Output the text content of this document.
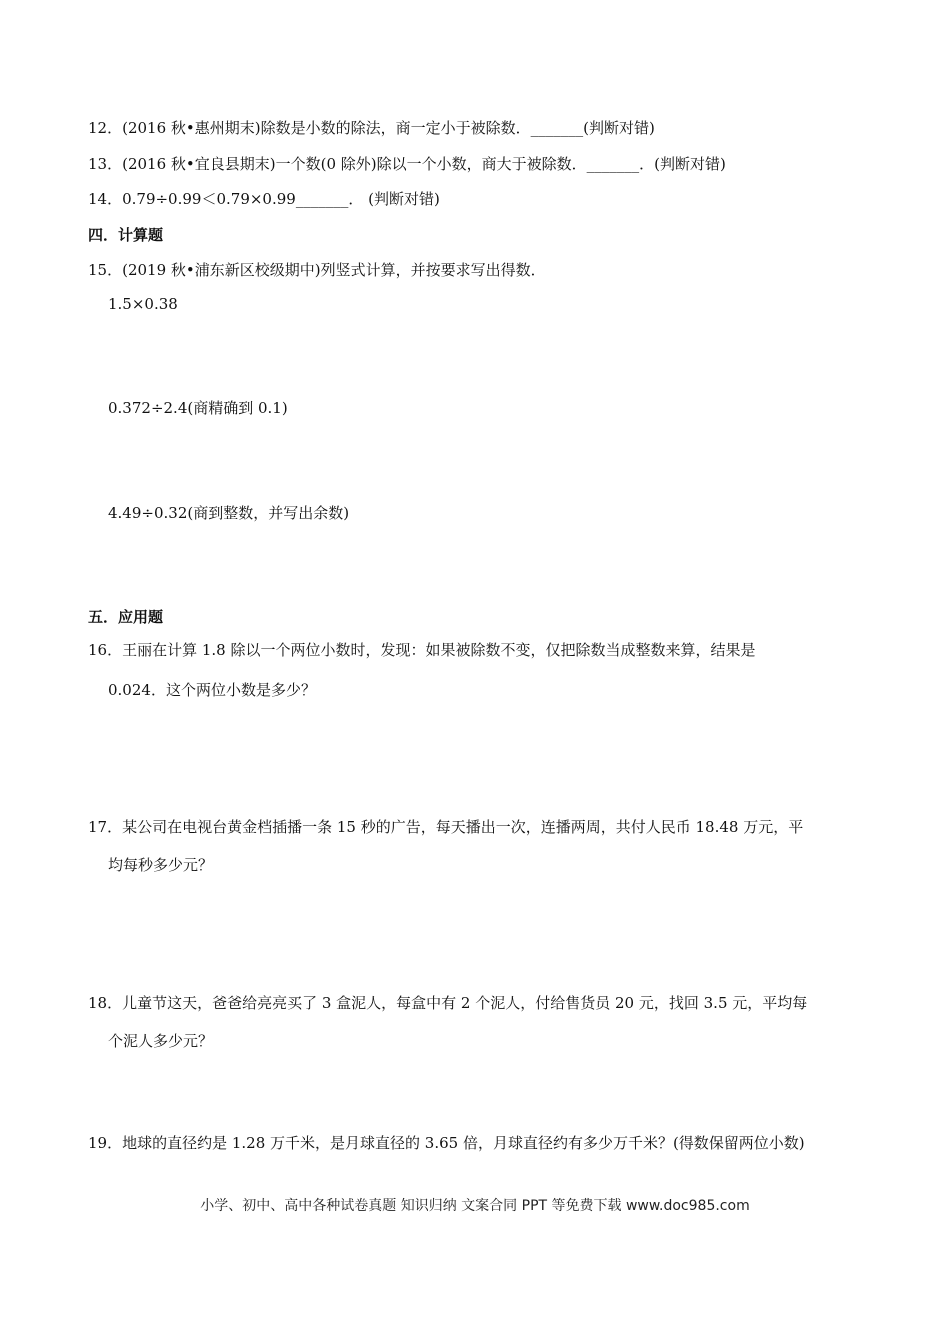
12．(2016 秋•惠州期末)除数是小数的除法，商一定小于被除数．_______(判断对错)
13．(2016 秋•宜良县期末)一个数(0 除外)除以一个小数，商大于被除数．_______．(判断对错)
14．0.79÷0.99＜0.79×0.99_______． (判断对错)
四．计算题
15．(2019 秋•浦东新区校级期中)列竖式计算，并按要求写出得数．
1.5×0.38
0.372÷2.4(商精确到 0.1)
4.49÷0.32(商到整数，并写出余数)
五．应用题
16．王丽在计算 1.8 除以一个两位小数时，发现：如果被除数不变，仅把除数当成整数来算，结果是
0.024．这个两位小数是多少？
17．某公司在电视台黄金档插播一条 15 秒的广告，每天播出一次，连播两周，共付人民币 18.48 万元，平
均每秒多少元？
18．儿童节这天，爸爸给亮亮买了 3 盒泥人，每盒中有 2 个泥人，付给售货员 20 元，找回 3.5 元，平均每
个泥人多少元？
19．地球的直径约是 1.28 万千米，是月球直径的 3.65 倍，月球直径约有多少万千米？(得数保留两位小数)
小学、初中、高中各种试卷真题 知识归纳 文案合同 PPT 等免费下载 www.doc985.com
